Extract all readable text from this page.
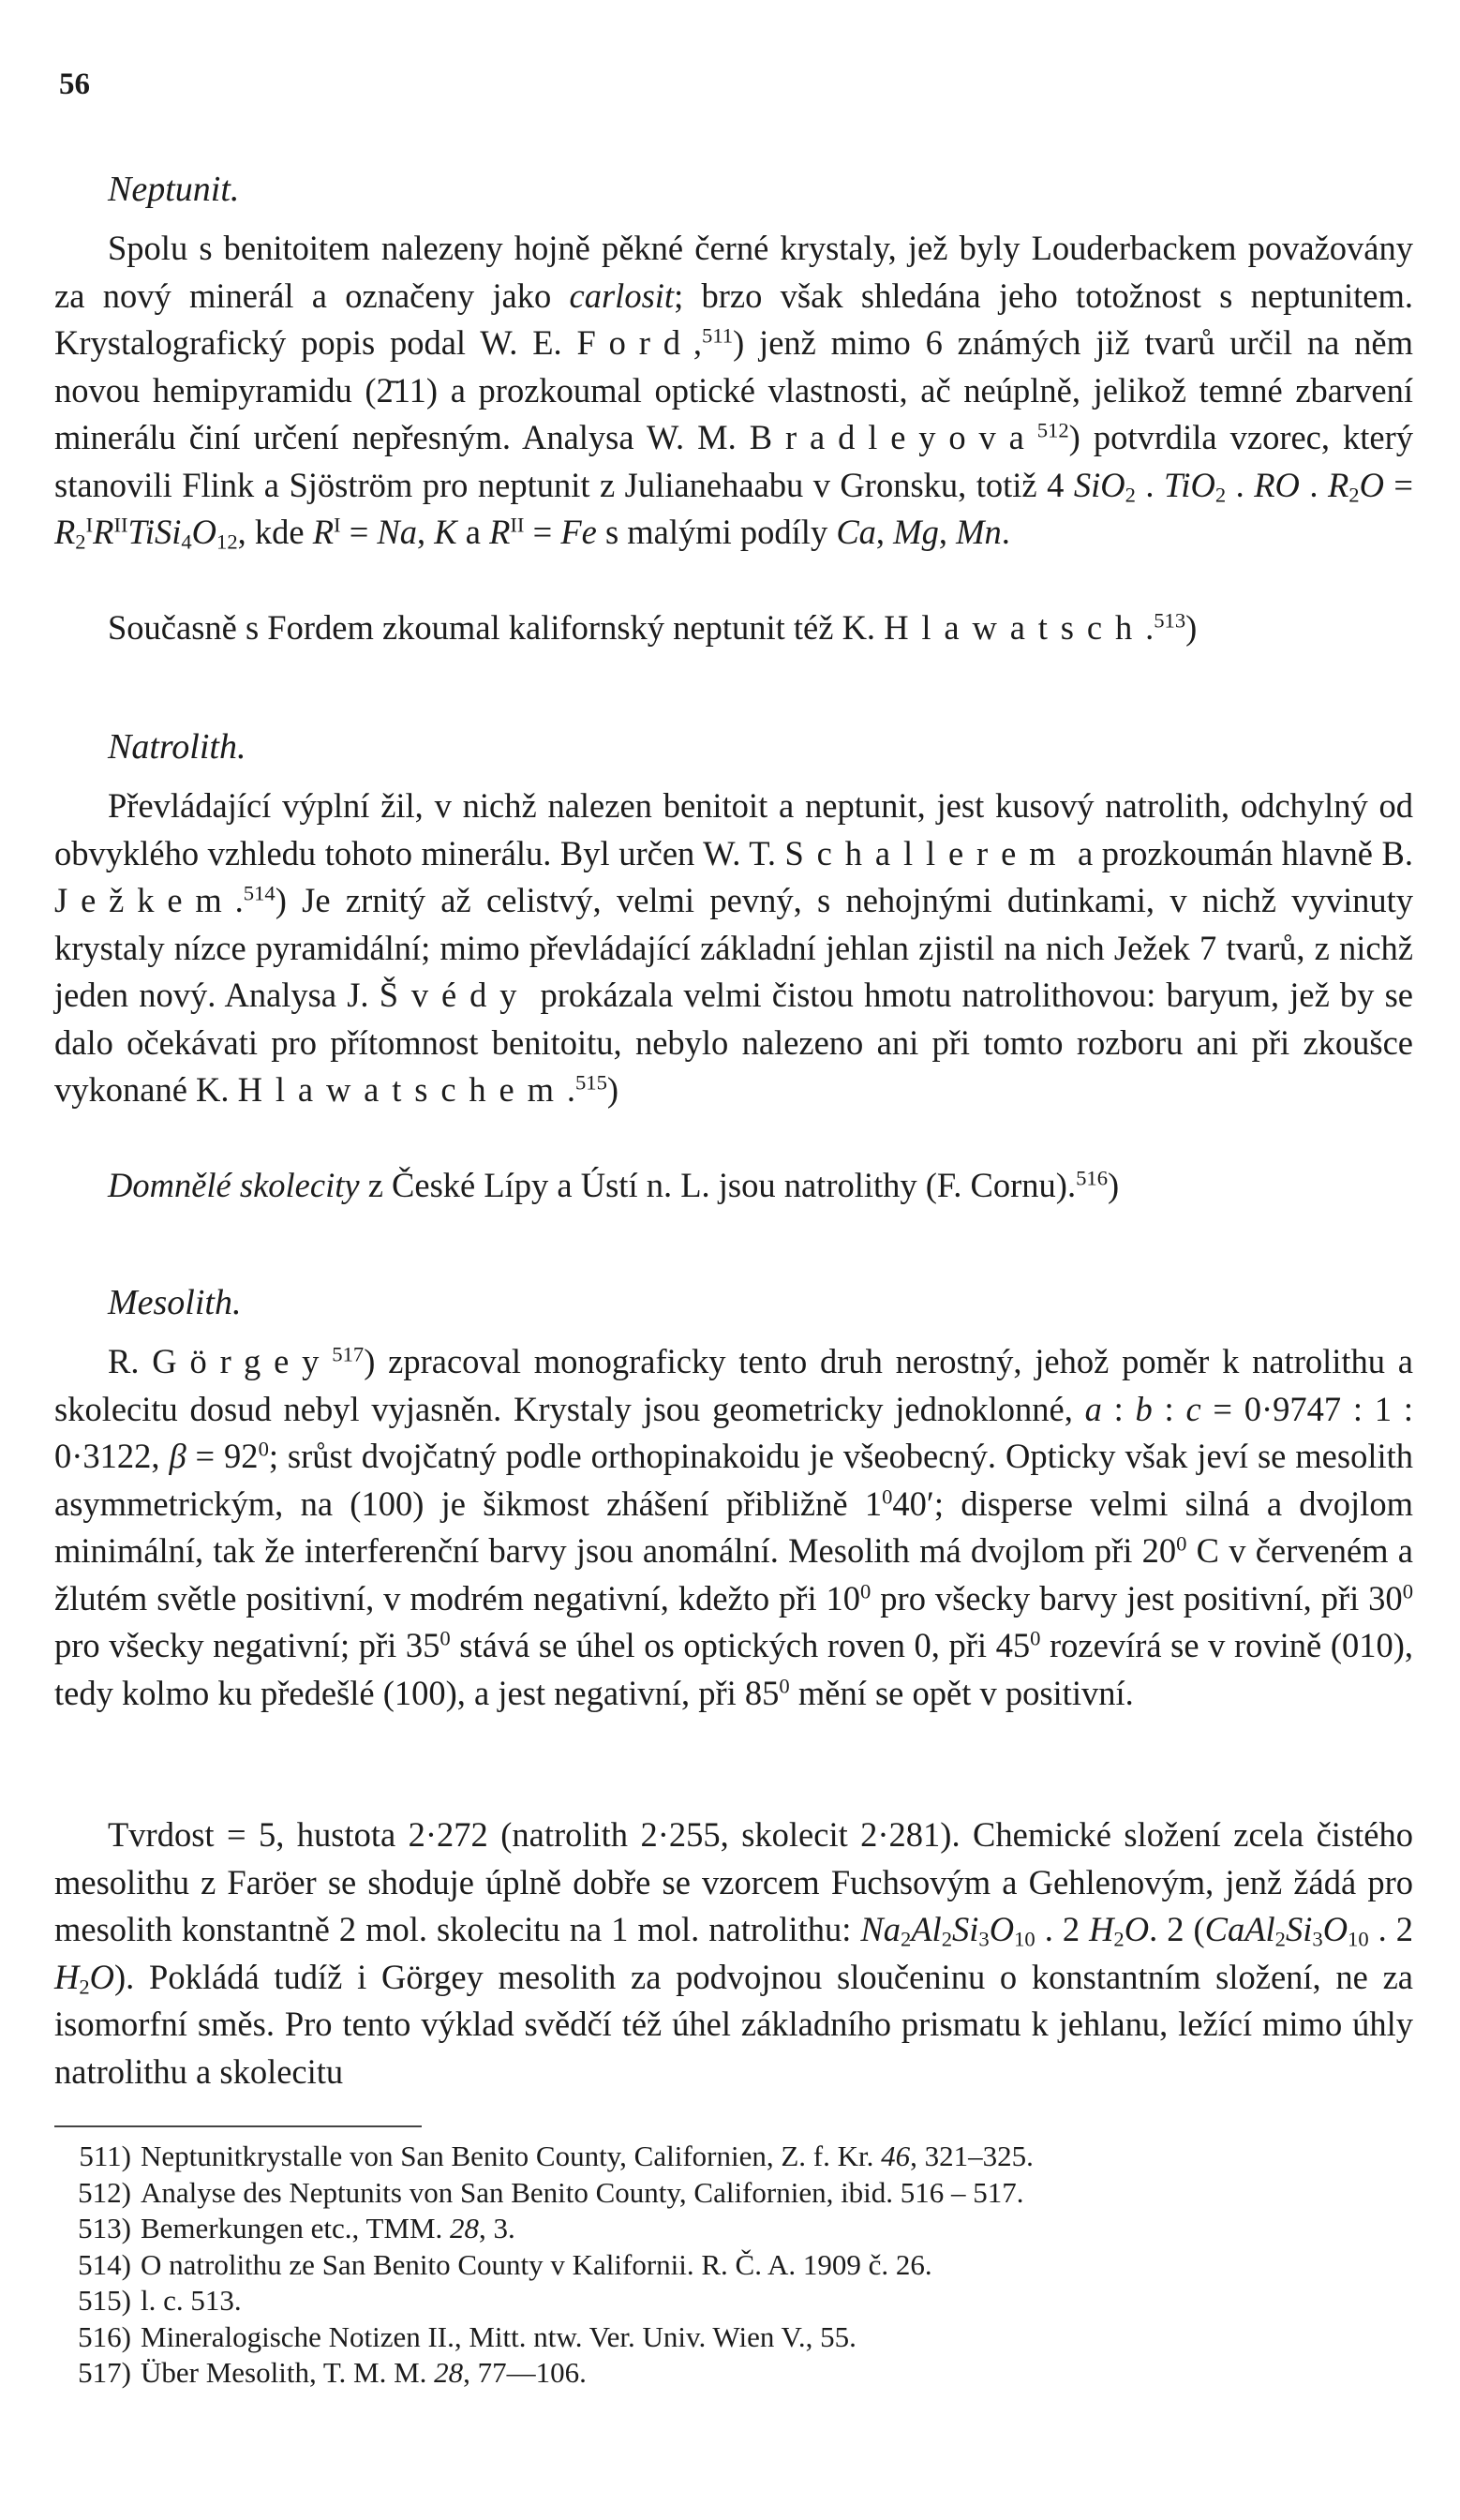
56
Neptunit.
Spolu s benitoitem nalezeny hojně pěkné černé krystaly, jež byly Louderbackem považovány za nový minerál a označeny jako carlosit; brzo však shledána jeho totožnost s neptunitem. Krystalografický popis podal W. E. Ford,$^{511}$) jenž mimo 6 známých již tvarů určil na něm novou hemipyramidu (2̄11) a prozkoumal optické vlastnosti, ač neúplně, jelikož temné zbarvení minerálu činí určení nepřesným. Analysa W. M. Bradleyova$^{512}$) potvrdila vzorec, který stanovili Flink a Sjöström pro neptunit z Julianehaabu v Gronsku, totiž 4 SiO$_2$ . TiO$_2$ . RO . $R_2O$ = $R_2^IR^{II}TiSi_4O_{12}$, kde $R^I = Na$, K a $R^{II} = Fe$ s malými podíly Ca, Mg, Mn.
Současně s Fordem zkoumal kalifornský neptunit též K. Hlawatsch.$^{513}$)
Natrolith.
Převládající výplní žil, v nichž nalezen benitoit a neptunit, jest kusový natrolith, odchylný od obvyklého vzhledu tohoto minerálu. Byl určen W. T. Schallerem a prozkoumán hlavně B. Ježkem.$^{514}$) Je zrnitý až celistvý, velmi pevný, s nehojnými dutinkami, v nichž vyvinuty krystaly nízce pyramidální; mimo převládající základní jehlan zjistil na nich Ježek 7 tvarů, z nichž jeden nový. Analysa J. Švédy prokázala velmi čistou hmotu natrolithovou: baryum, jež by se dalo očekávati pro přítomnost benitoitu, nebylo nalezeno ani při tomto rozboru ani při zkoušce vykonané K. Hlawatschem.$^{515}$)
Domnělé skolecity z České Lípy a Ústí n. L. jsou natrolithy (F. Cornu).$^{516}$)
Mesolith.
R. Görgey$^{517}$) zpracoval monograficky tento druh nerostný, jehož poměr k natrolithu a skolecitu dosud nebyl vyjasněn. Krystaly jsou geometricky jednoklonné, a : b : c = 0·9747 : 1 : 0·3122, $\beta = 92^0$; srůst dvojčatný podle orthopinakoidu je všeobecný. Opticky však jeví se mesolith asymmetrickým, na (100) je šikmost zhášení přibližně $1^040'$; disperse velmi silná a dvojlom minimální, tak že interferenční barvy jsou anomální. Mesolith má dvojlom při $20^0$ C v červeném a žlutém světle positivní, v modrém negativní, kdežto při $10^0$ pro všecky barvy jest positivní, při $30^0$ pro všecky negativní; při $35^0$ stává se úhel os optických roven 0, při $45^0$ rozevírá se v rovině (010), tedy kolmo ku předešlé (100), a jest negativní, při $85^0$ mění se opět v positivní.
Tvrdost = 5, hustota 2·272 (natrolith 2·255, skolecit 2·281). Chemické složení zcela čistého mesolithu z Faröer se shoduje úplně dobře se vzorcem Fuchsovým a Gehlenovým, jenž žádá pro mesolith konstantně 2 mol. skolecitu na 1 mol. natrolithu: $Na_2Al_2Si_3O_{10}$ . 2 $H_2O$. 2 ($CaAl_2Si_3O_{10}$ . 2 $H_2O$). Pokládá tudíž i Görgey mesolith za podvojnou sloučeninu o konstantním složení, ne za isomorfní směs. Pro tento výklad svědčí též úhel základního prismatu k jehlanu, ležící mimo úhly natrolithu a skolecitu
511) Neptunitkrystalle von San Benito County, Californien, Z. f. Kr. 46, 321–325.
512) Analyse des Neptunits von San Benito County, Californien, ibid. 516 – 517.
513) Bemerkungen etc., TMM. 28, 3.
514) O natrolithu ze San Benito County v Kalifornii. R. Č. A. 1909 č. 26.
515) l. c. 513.
516) Mineralogische Notizen II., Mitt. ntw. Ver. Univ. Wien V., 55.
517) Über Mesolith, T. M. M. 28, 77—106.
